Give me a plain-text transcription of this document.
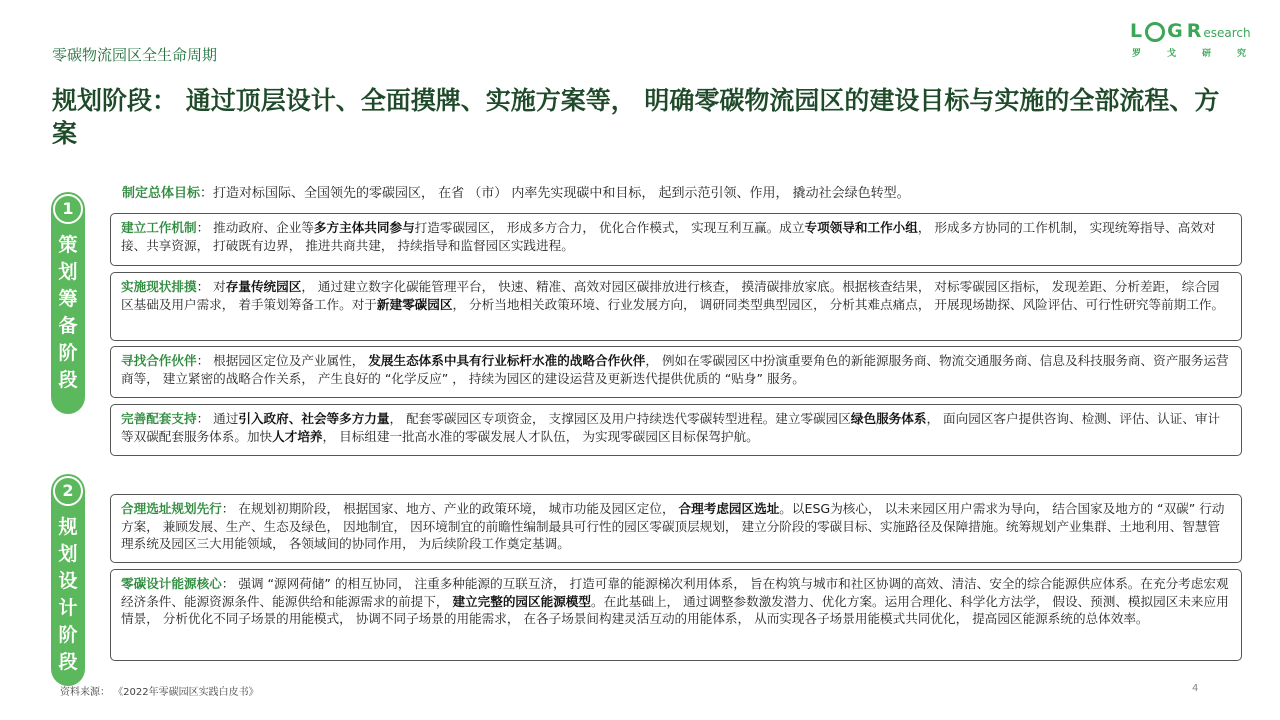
零碳物流园区全生命周期
L G R esearch
罗	戈	研	究
规划阶段： 通过顶层设计、全面摸牌、实施方案等， 明确零碳物流园区的建设目标与实施的全部流程、方案
1
策
划
筹
备
阶
段
制定总体目标：打造对标国际、全国领先的零碳园区， 在省 （市） 内率先实现碳中和目标， 起到示范引领、作用， 撬动社会绿色转型。
建立工作机制： 推动政府、企业等多方主体共同参与打造零碳园区， 形成多方合力， 优化合作模式， 实现互利互赢。成立专项领导和工作小组， 形成多方协同的工作机制， 实现统筹指导、高效对接、共享资源， 打破既有边界， 推进共商共建， 持续指导和监督园区实践进程。
实施现状排摸： 对存量传统园区， 通过建立数字化碳能管理平台， 快速、精准、高效对园区碳排放进行核查， 摸清碳排放家底。根据核查结果， 对标零碳园区指标， 发现差距、分析差距， 综合园区基础及用户需求， 着手策划筹备工作。对于新建零碳园区， 分析当地相关政策环境、行业发展方向， 调研同类型典型园区， 分析其难点痛点， 开展现场勘探、风险评估、可行性研究等前期工作。
寻找合作伙伴： 根据园区定位及产业属性， 发展生态体系中具有行业标杆水准的战略合作伙伴， 例如在零碳园区中扮演重要角色的新能源服务商、物流交通服务商、信息及科技服务商、资产服务运营商等， 建立紧密的战略合作关系， 产生良好的 “化学反应” ， 持续为园区的建设运营及更新迭代提供优质的 “贴身” 服务。
完善配套支持： 通过引入政府、社会等多方力量， 配套零碳园区专项资金， 支撑园区及用户持续迭代零碳转型进程。建立零碳园区绿色服务体系， 面向园区客户提供咨询、检测、评估、认证、审计等双碳配套服务体系。加快人才培养， 目标组建一批高水准的零碳发展人才队伍， 为实现零碳园区目标保驾护航。
2
规
划
设
计
阶
段
合理选址规划先行： 在规划初期阶段， 根据国家、地方、产业的政策环境， 城市功能及园区定位， 合理考虑园区选址。以ESG为核心， 以未来园区用户需求为导向， 结合国家及地方的 “双碳” 行动方案， 兼顾发展、生产、生态及绿色， 因地制宜， 因环境制宜的前瞻性编制最具可行性的园区零碳顶层规划， 建立分阶段的零碳目标、实施路径及保障措施。统筹规划产业集群、土地利用、智慧管理系统及园区三大用能领域， 各领域间的协同作用， 为后续阶段工作奠定基调。
零碳设计能源核心： 强调 “源网荷储” 的相互协同， 注重多种能源的互联互济， 打造可靠的能源梯次利用体系， 旨在构筑与城市和社区协调的高效、清洁、安全的综合能源供应体系。在充分考虑宏观经济条件、能源资源条件、能源供给和能源需求的前提下， 建立完整的园区能源模型。在此基础上， 通过调整参数激发潜力、优化方案。运用合理化、科学化方法学， 假设、预测、模拟园区未来应用情景， 分析优化不同子场景的用能模式， 协调不同子场景的用能需求， 在各子场景间构建灵活互动的用能体系， 从而实现各子场景用能模式共同优化， 提高园区能源系统的总体效率。
资料来源： 《2022年零碳园区实践白皮书》	4
